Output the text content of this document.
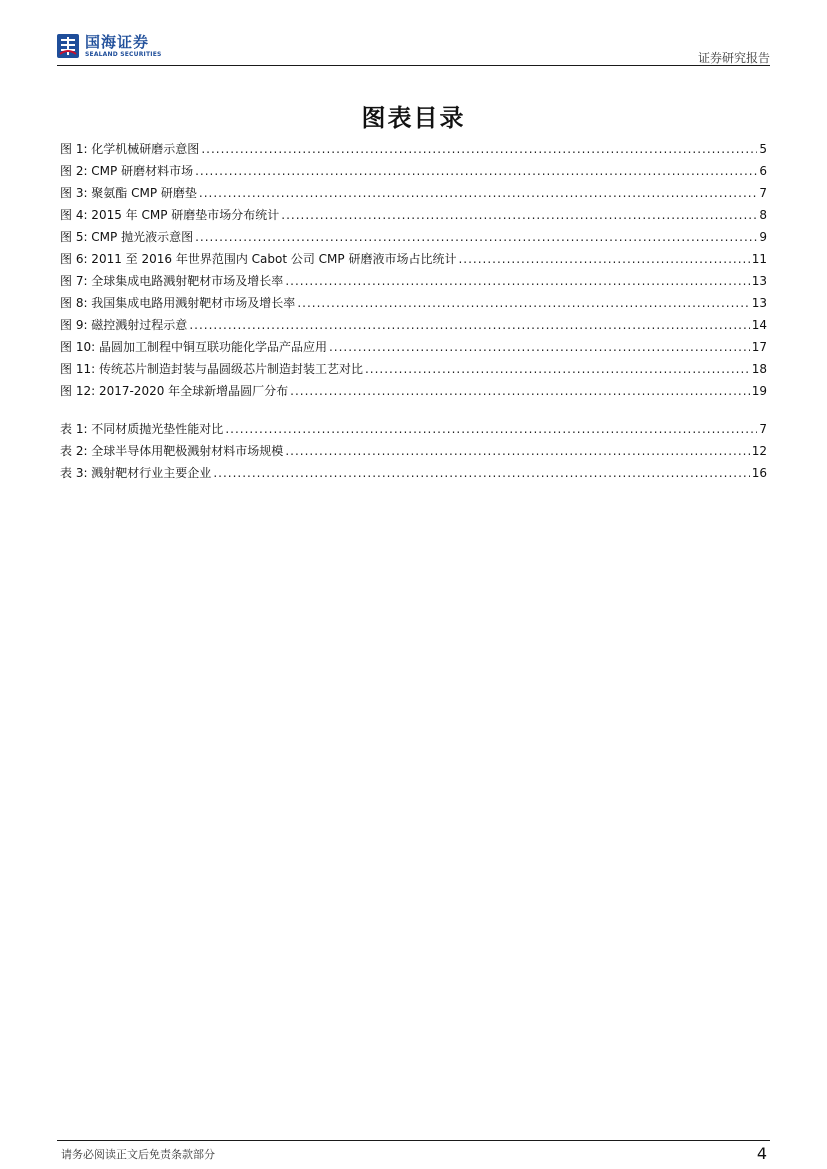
国海证券
SEALAND SECURITIES	证券研究报告
图表目录
图 1: 化学机械研磨示意图 .....	5
图 2: CMP 研磨材料市场 .....	6
图 3: 聚氨酯 CMP 研磨垫 .....	7
图 4: 2015 年 CMP 研磨垫市场分布统计 .....	8
图 5: CMP 抛光液示意图 .....	9
图 6: 2011 至 2016 年世界范围内 Cabot 公司 CMP 研磨液市场占比统计 .....	11
图 7: 全球集成电路溅射靶材市场及增长率 .....	13
图 8: 我国集成电路用溅射靶材市场及增长率 .....	13
图 9: 磁控溅射过程示意 .....	14
图 10: 晶圆加工制程中铜互联功能化学品产品应用 .....	17
图 11: 传统芯片制造封装与晶圆级芯片制造封装工艺对比 .....	18
图 12: 2017-2020 年全球新增晶圆厂分布 .....	19
表 1: 不同材质抛光垫性能对比 .....	7
表 2: 全球半导体用靶极溅射材料市场规模 .....	12
表 3: 溅射靶材行业主要企业 .....	16
请务必阅读正文后免责条款部分	4
